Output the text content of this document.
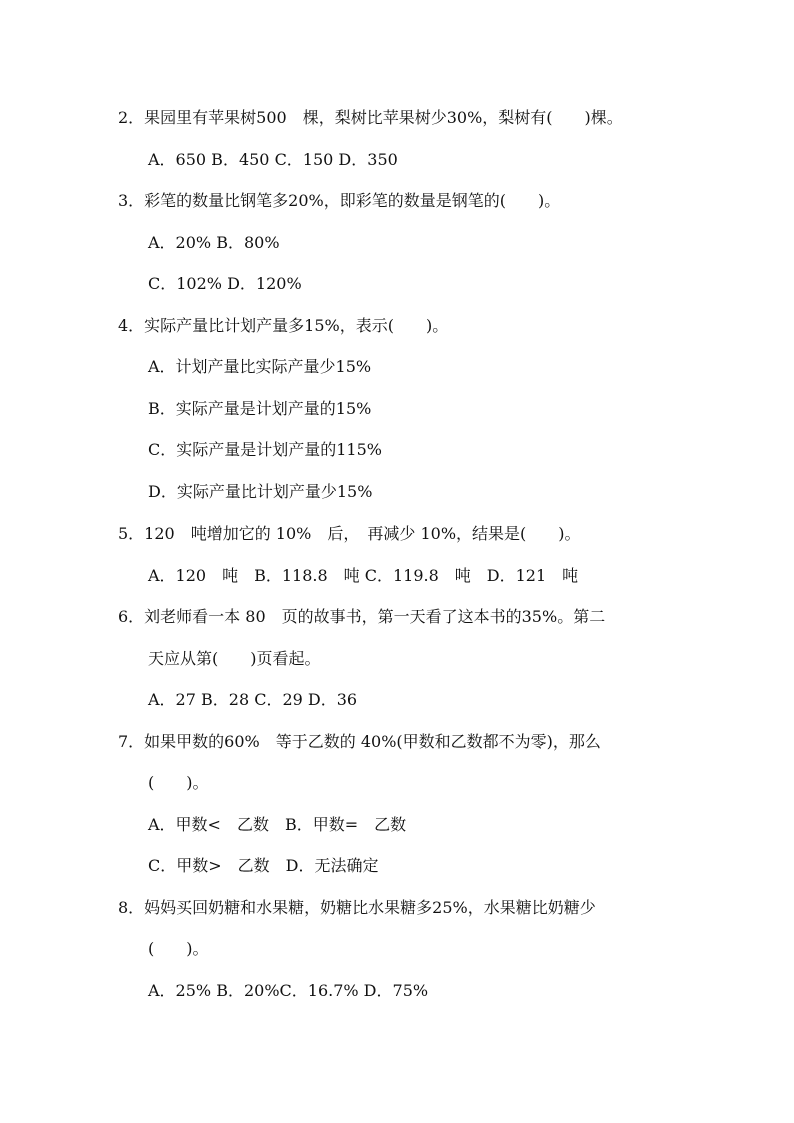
2．果园里有苹果树500　棵，梨树比苹果树少30%，梨树有(　　)棵。
A．650 B．450 C．150 D．350
3．彩笔的数量比钢笔多20%，即彩笔的数量是钢笔的(　　)。
A．20% B．80%
C．102% D．120%
4．实际产量比计划产量多15%，表示(　　)。
A．计划产量比实际产量少15%
B．实际产量是计划产量的15%
C．实际产量是计划产量的115%
D．实际产量比计划产量少15%
5．120　吨增加它的 10%　后，　再减少 10%，结果是(　　)。
A．120　吨　B．118.8　吨 C．119.8　吨　D．121　吨
6．刘老师看一本 80　页的故事书，第一天看了这本书的35%。第二
天应从第(　　)页看起。
A．27 B．28 C．29 D．36
7．如果甲数的60%　等于乙数的 40%(甲数和乙数都不为零)，那么
(　　)。
A．甲数<　乙数　B．甲数=　乙数
C．甲数>　乙数　D．无法确定
8．妈妈买回奶糖和水果糖，奶糖比水果糖多25%，水果糖比奶糖少
(　　)。
A．25% B．20%C．16.7% D．75%
